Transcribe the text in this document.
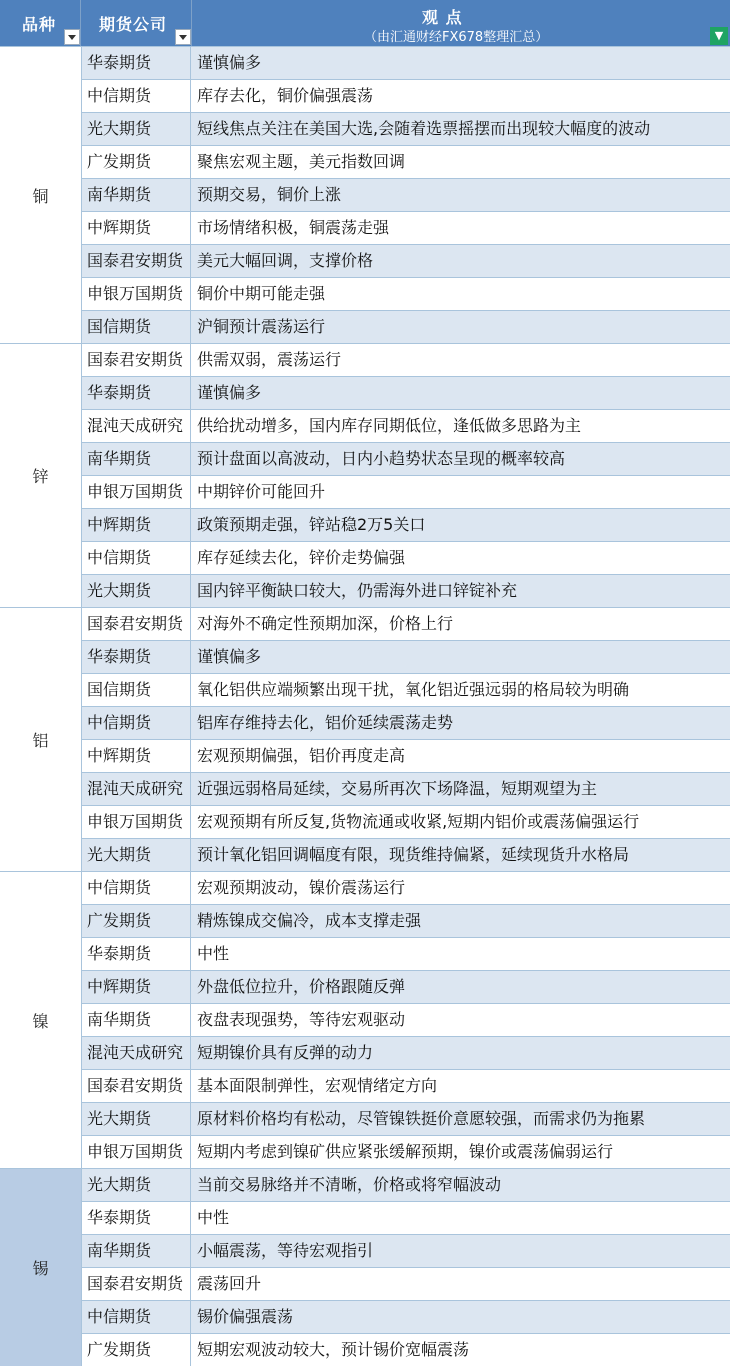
品种	期货公司	观 点
（由汇通财经FX678整理汇总）	▼
铜
华泰期货	谨慎偏多
中信期货	库存去化，铜价偏强震荡
光大期货	短线焦点关注在美国大选,会随着选票摇摆而出现较大幅度的波动
广发期货	聚焦宏观主题，美元指数回调
南华期货	预期交易，铜价上涨
中辉期货	市场情绪积极，铜震荡走强
国泰君安期货 美元大幅回调，支撑价格
申银万国期货 铜价中期可能走强
国信期货	沪铜预计震荡运行
锌
国泰君安期货 供需双弱，震荡运行
华泰期货	谨慎偏多
混沌天成研究 供给扰动增多，国内库存同期低位，逢低做多思路为主
南华期货	预计盘面以高波动，日内小趋势状态呈现的概率较高
申银万国期货 中期锌价可能回升
中辉期货	政策预期走强，锌站稳2万5关口
中信期货	库存延续去化，锌价走势偏强
光大期货	国内锌平衡缺口较大，仍需海外进口锌锭补充
铝
国泰君安期货 对海外不确定性预期加深，价格上行
华泰期货	谨慎偏多
国信期货	氧化铝供应端频繁出现干扰，氧化铝近强远弱的格局较为明确
中信期货	铝库存维持去化，铝价延续震荡走势
中辉期货	宏观预期偏强，铝价再度走高
混沌天成研究 近强远弱格局延续，交易所再次下场降温，短期观望为主
申银万国期货 宏观预期有所反复,货物流通或收紧,短期内铝价或震荡偏强运行
光大期货	预计氧化铝回调幅度有限，现货维持偏紧，延续现货升水格局
镍
中信期货	宏观预期波动，镍价震荡运行
广发期货	精炼镍成交偏冷，成本支撑走强
华泰期货	中性
中辉期货	外盘低位拉升，价格跟随反弹
南华期货	夜盘表现强势，等待宏观驱动
混沌天成研究 短期镍价具有反弹的动力
国泰君安期货 基本面限制弹性，宏观情绪定方向
光大期货	原材料价格均有松动，尽管镍铁挺价意愿较强，而需求仍为拖累
申银万国期货 短期内考虑到镍矿供应紧张缓解预期，镍价或震荡偏弱运行
锡
光大期货	当前交易脉络并不清晰，价格或将窄幅波动
华泰期货	中性
南华期货	小幅震荡，等待宏观指引
国泰君安期货 震荡回升
中信期货	锡价偏强震荡
广发期货	短期宏观波动较大，预计锡价宽幅震荡
